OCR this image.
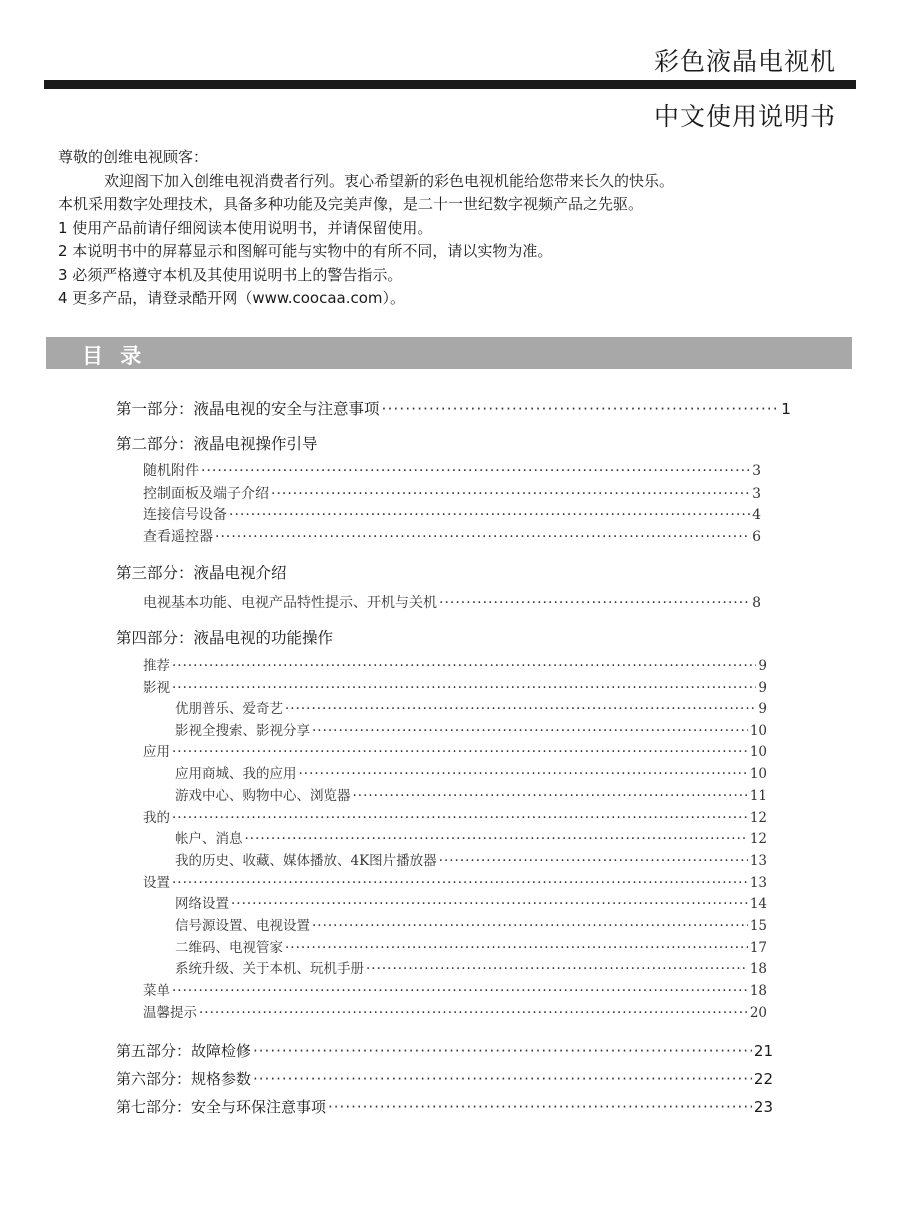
彩色液晶电视机
中文使用说明书

尊敬的创维电视顾客：

欢迎阁下加入创维电视消费者行列。衷心希望新的彩色电视机能给您带来长久的快乐。

本机采用数字处理技术，具备多种功能及完美声像，是二十一世纪数字视频产品之先驱。

1 使用产品前请仔细阅读本使用说明书，并请保留使用。

2 本说明书中的屏幕显示和图解可能与实物中的有所不同，请以实物为准。

3 必须严格遵守本机及其使用说明书上的警告指示。

4 更多产品，请登录酷开网（www.coocaa.com）。

目 录
第一部分：液晶电视的安全与注意事项 ·····	1
第二部分：液晶电视操作引导
随机附件 ·····	3
控制面板及端子介绍 ·····	3
连接信号设备 ·····	4
查看遥控器 ·····	6
第三部分：液晶电视介绍
电视基本功能、电视产品特性提示、开机与关机 ·····	8
第四部分：液晶电视的功能操作
推荐 ·····	9
影视 ·····	9
优朋普乐、爱奇艺 ·····	9
影视全搜索、影视分享 ·····	10
应用 ·····	10
应用商城、我的应用 ·····	10
游戏中心、购物中心、浏览器 ·····	11
我的 ·····	12
帐户、消息 ·····	12
我的历史、收藏、媒体播放、4K图片播放器 ·····	13
设置 ·····	13
网络设置 ·····	14
信号源设置、电视设置 ·····	15
二维码、电视管家 ·····	17
系统升级、关于本机、玩机手册 ·····	18
菜单 ·····	18
温馨提示 ·····	20
第五部分：故障检修 ·····	21
第六部分：规格参数 ·····	22
第七部分：安全与环保注意事项 ·····	23
